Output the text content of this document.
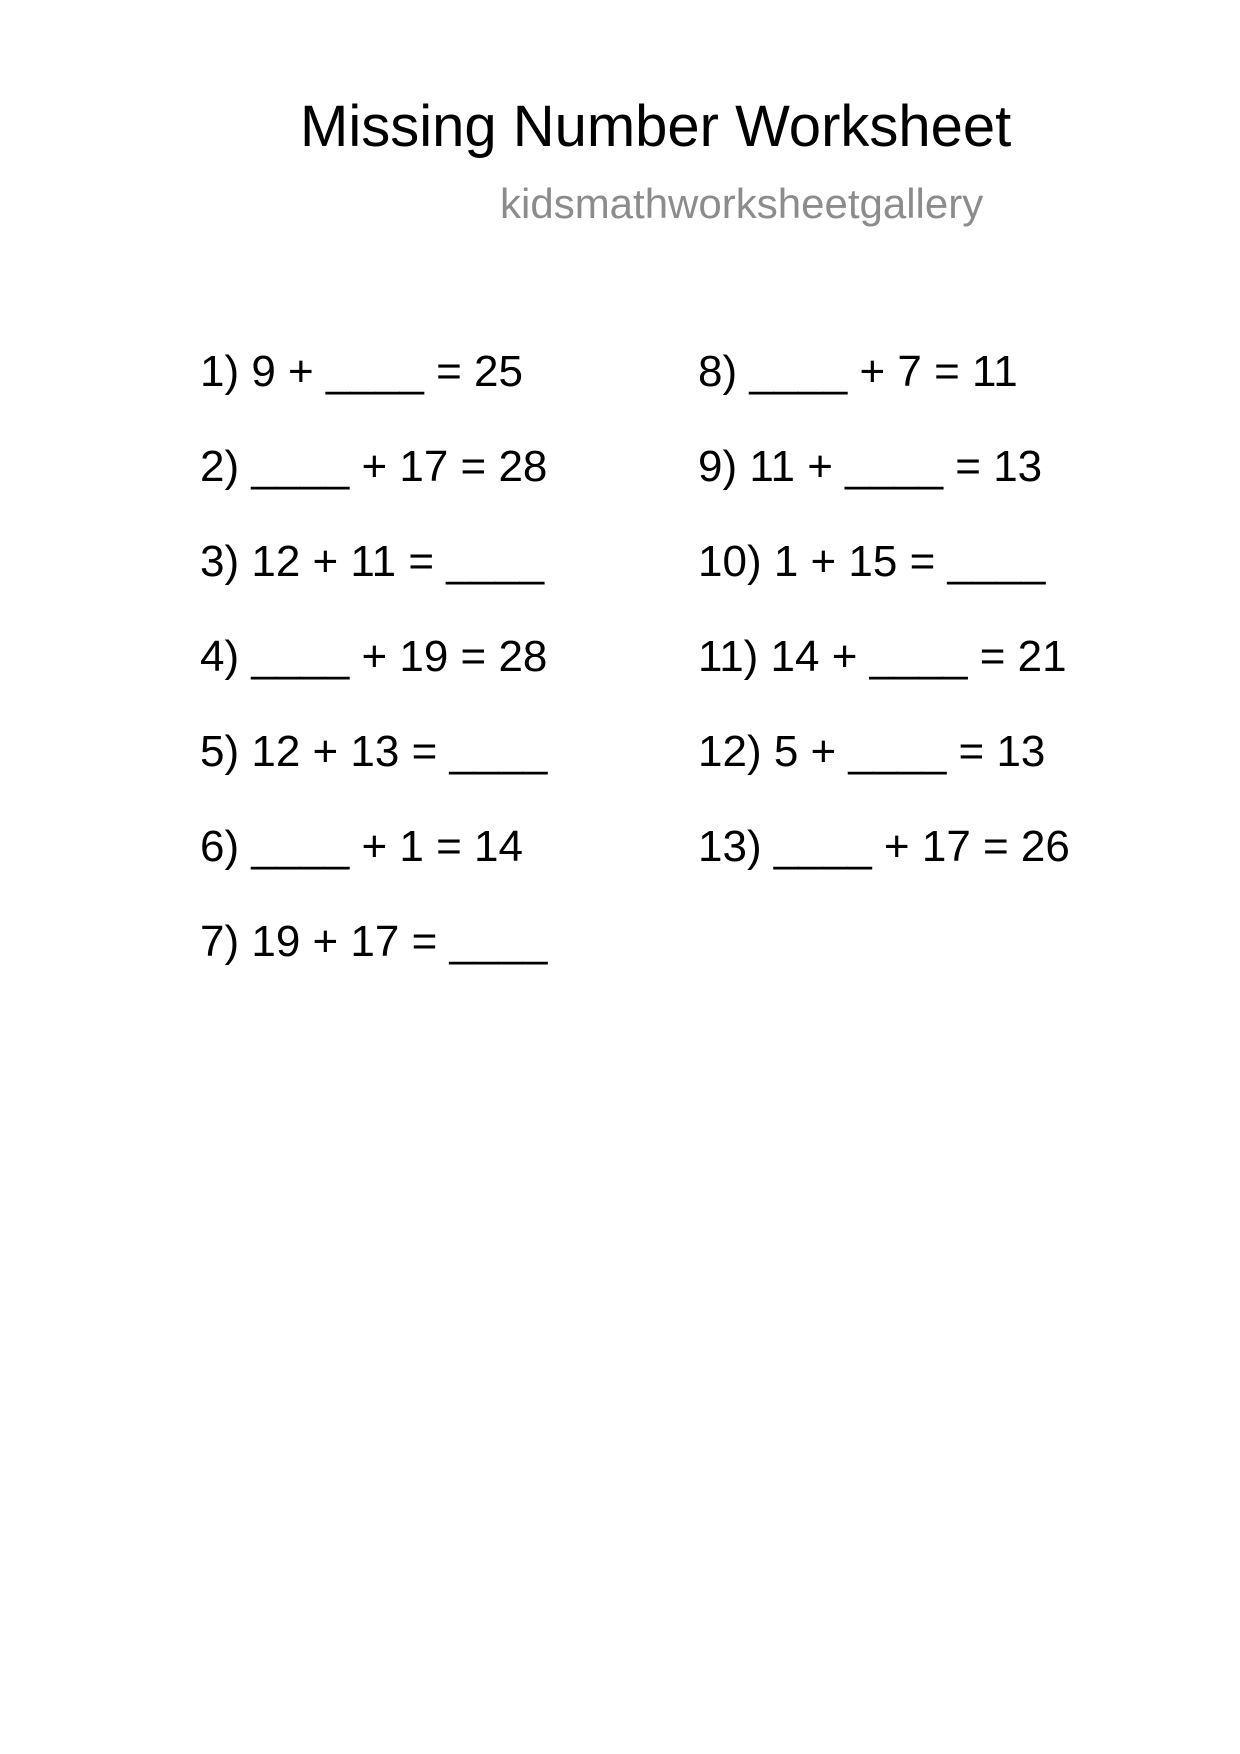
Missing Number Worksheet
kidsmathworksheetgallery
1) 9 + ____ = 25
2) ____ + 17 = 28
3) 12 + 11 = ____
4) ____ + 19 = 28
5) 12 + 13 = ____
6) ____ + 1 = 14
7) 19 + 17 = ____
8) ____ + 7 = 11
9) 11 + ____ = 13
10) 1 + 15 = ____
11) 14 + ____ = 21
12) 5 + ____ = 13
13) ____ + 17 = 26
